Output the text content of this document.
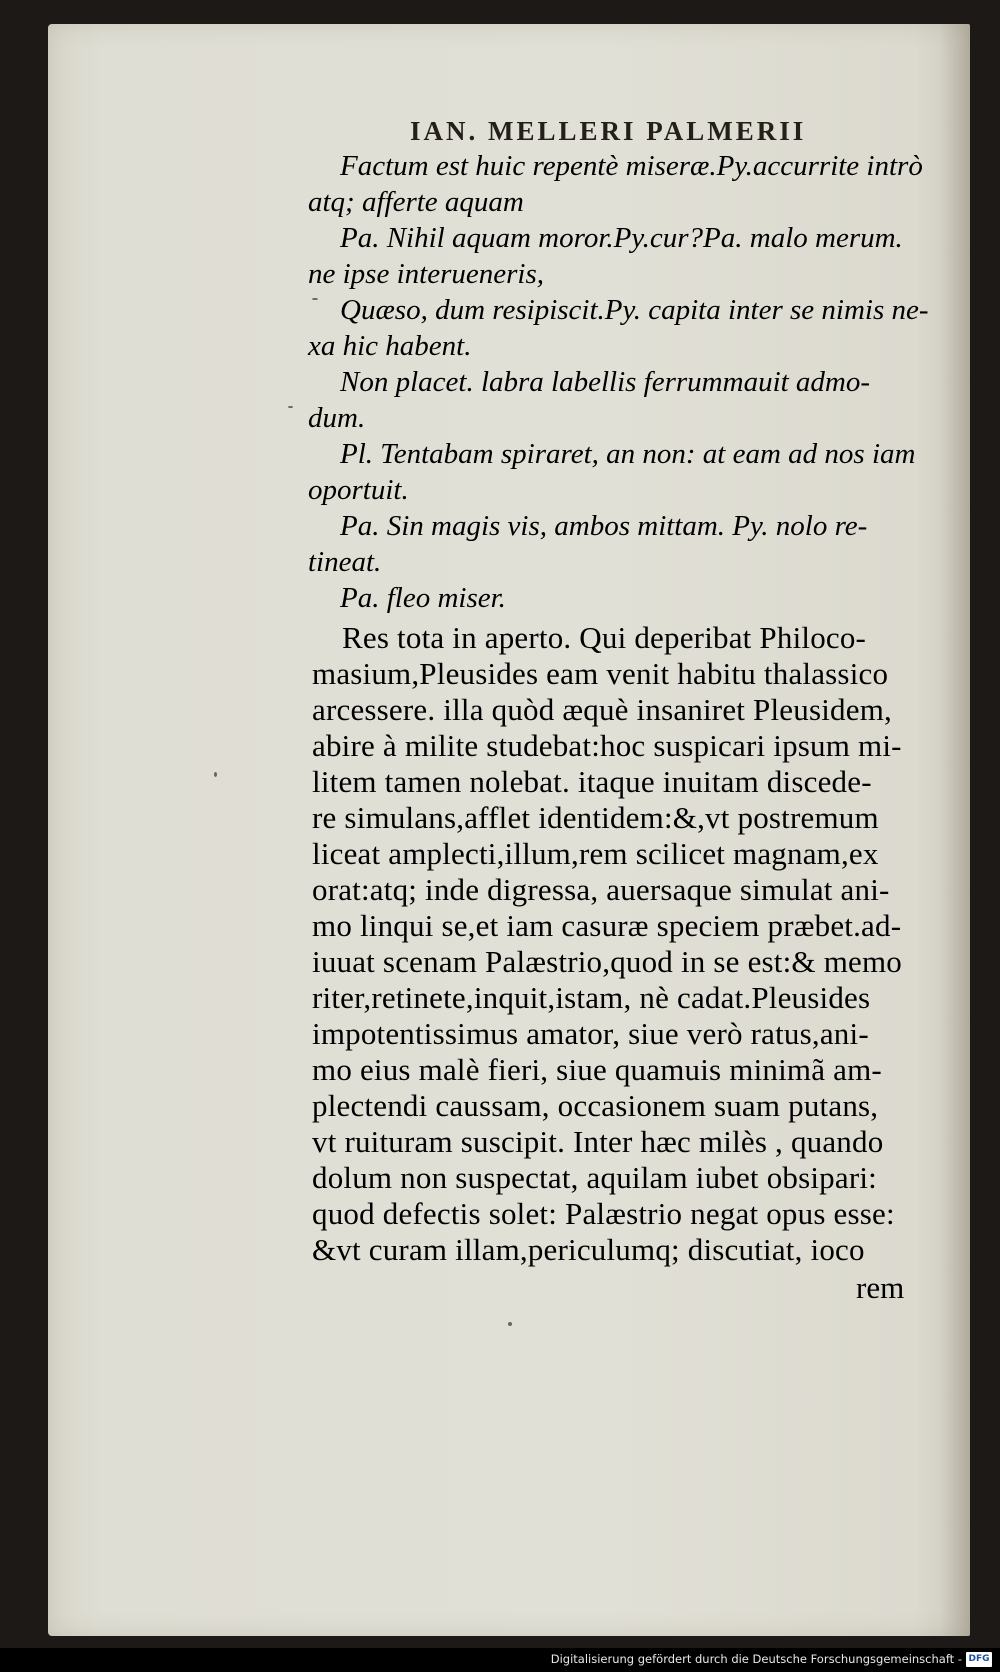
IAN. MELLERI PALMERII
Factum est huic repentè miseræ.Py.accurrite intrò
atq; afferte aquam
Pa. Nihil aquam moror.Py.cur?Pa. malo merum.
ne ipse interueneris,
Quæso, dum resipiscit.Py. capita inter se nimis ne-
xa hic habent.
Non placet. labra labellis ferrummauit admo-
dum.
Pl. Tentabam spiraret, an non: at eam ad nos iam
oportuit.
Pa. Sin magis vis, ambos mittam. Py. nolo re-
tineat.
Pa. fleo miser.
Res tota in aperto. Qui deperibat Philoco-
masium,Pleusides eam venit habitu thalassico
arcessere. illa quòd æquè insaniret Pleusidem,
abire à milite studebat:hoc suspicari ipsum mi-
litem tamen nolebat. itaque inuitam discede-
re simulans,afflet identidem:&,vt postremum
liceat amplecti,illum,rem scilicet magnam,ex
orat:atq; inde digressa, auersaque simulat ani-
mo linqui se,et iam casuræ speciem præbet.ad-
iuuat scenam Palæstrio,quod in se est:& memo
riter,retinete,inquit,istam, nè cadat.Pleusides
impotentissimus amator, siue verò ratus,ani-
mo eius malè fieri, siue quamuis minimã am-
plectendi caussam, occasionem suam putans,
vt ruituram suscipit. Inter hæc milès , quando
dolum non suspectat, aquilam iubet obsipari:
quod defectis solet: Palæstrio negat opus esse:
&vt curam illam,periculumq; discutiat, ioco
rem
Digitalisierung gefördert durch die Deutsche Forschungsgemeinschaft - DFG
